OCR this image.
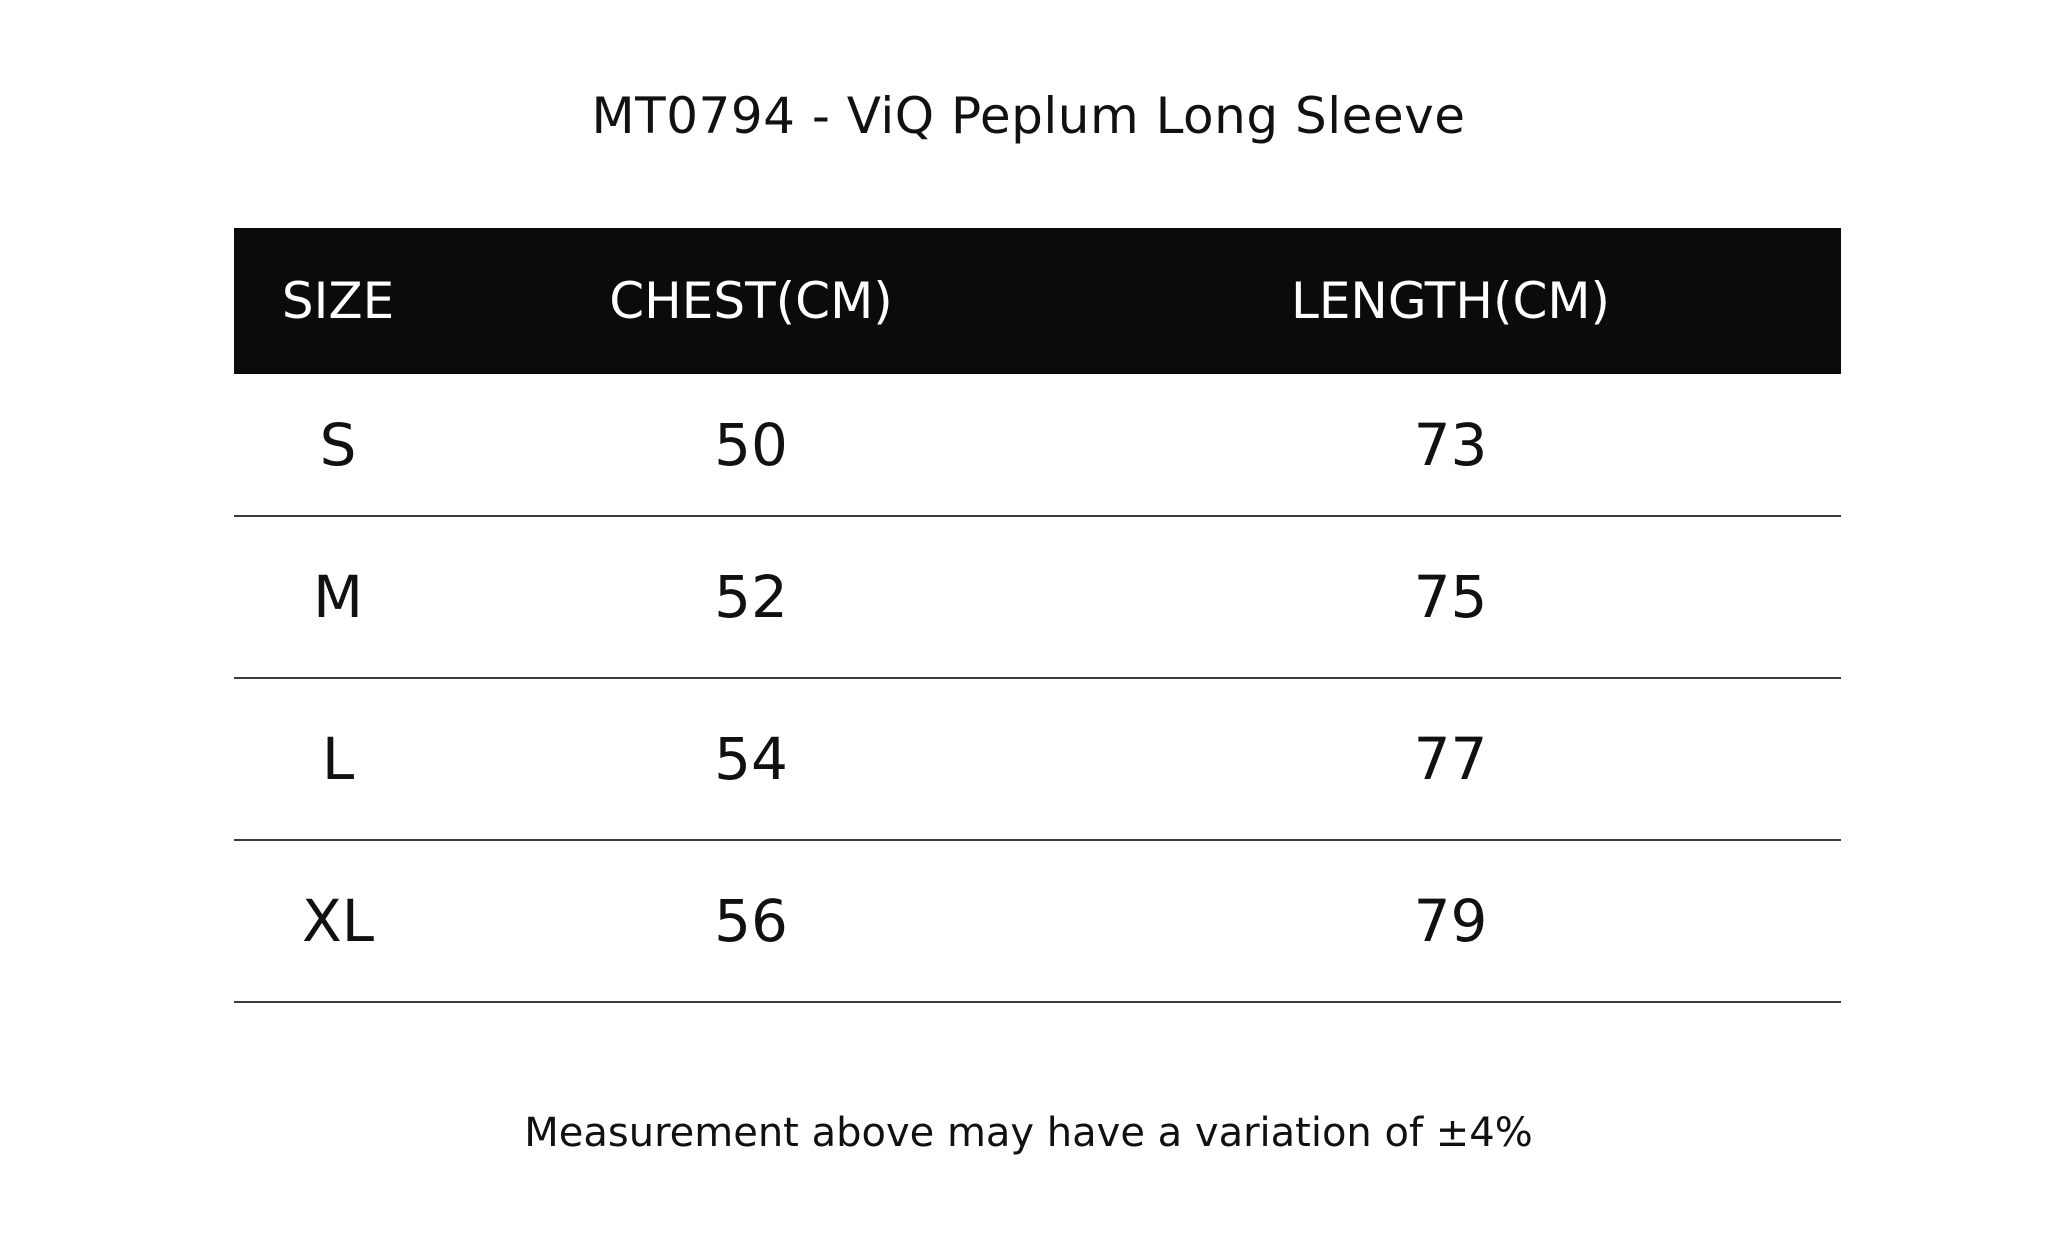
MT0794 - ViQ Peplum Long Sleeve
SIZE	CHEST(CM)	LENGTH(CM)
S	50	73
M	52	75
L	54	77
XL	56	79
Measurement above may have a variation of ±4%
